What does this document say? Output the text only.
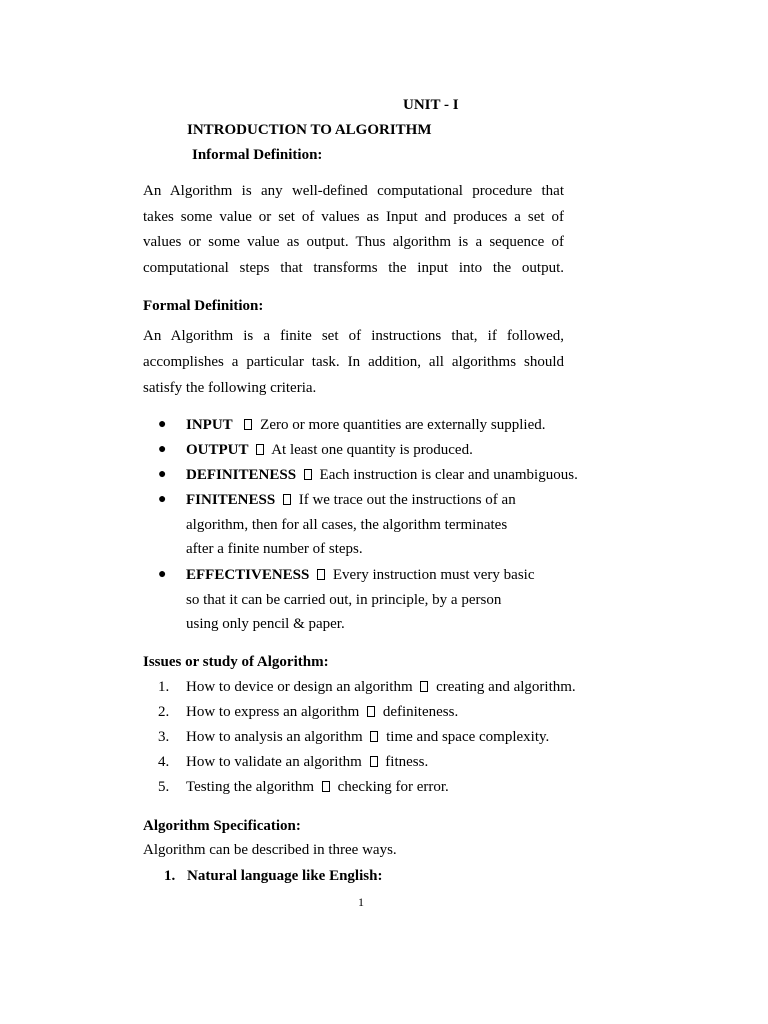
UNIT - I
INTRODUCTION TO ALGORITHM
Informal Definition:
An Algorithm is any well-defined computational procedure that
takes some value or set of values as Input and produces a set of
values or some value as output. Thus algorithm is a sequence of
computational steps that transforms the input into the output.
Formal Definition:
An Algorithm is a finite set of instructions that, if followed,
accomplishes a particular task. In addition, all algorithms should
satisfy the following criteria.
● INPUT Zero or more quantities are externally supplied.
● OUTPUT At least one quantity is produced.
● DEFINITENESS Each instruction is clear and unambiguous.
● FINITENESS If we trace out the instructions of an
algorithm, then for all cases, the algorithm terminates
after a finite number of steps.
● EFFECTIVENESS Every instruction must very basic
so that it can be carried out, in principle, by a person
using only pencil & paper.
Issues or study of Algorithm:
1. How to device or design an algorithm creating and algorithm.
2. How to express an algorithm definiteness.
3. How to analysis an algorithm time and space complexity.
4. How to validate an algorithm fitness.
5. Testing the algorithm checking for error.
Algorithm Specification:
Algorithm can be described in three ways.
1. Natural language like English:
1
